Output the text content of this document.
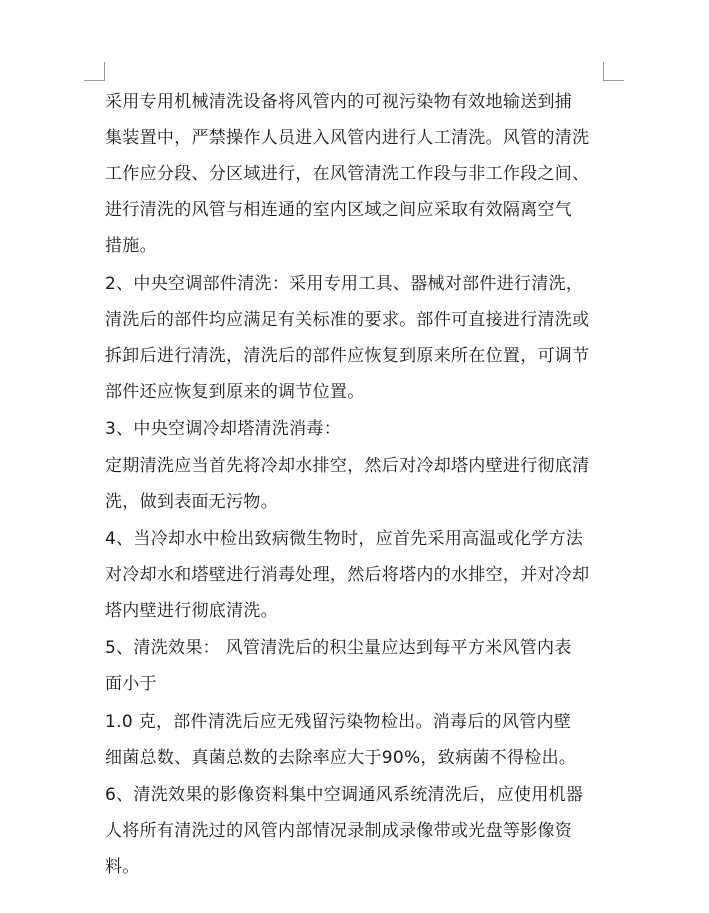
采用专用机械清洗设备将风管内的可视污染物有效地输送到捕
集装置中，严禁操作人员进入风管内进行人工清洗。风管的清洗
工作应分段、分区域进行，在风管清洗工作段与非工作段之间、
进行清洗的风管与相连通的室内区域之间应采取有效隔离空气
措施。
2、中央空调部件清洗：采用专用工具、器械对部件进行清洗，
清洗后的部件均应满足有关标准的要求。部件可直接进行清洗或
拆卸后进行清洗，清洗后的部件应恢复到原来所在位置，可调节
部件还应恢复到原来的调节位置。
3、中央空调冷却塔清洗消毒：
定期清洗应当首先将冷却水排空，然后对冷却塔内壁进行彻底清
洗，做到表面无污物。
4、当冷却水中检出致病微生物时，应首先采用高温或化学方法
对冷却水和塔壁进行消毒处理，然后将塔内的水排空，并对冷却
塔内壁进行彻底清洗。
5、清洗效果： 风管清洗后的积尘量应达到每平方米风管内表
面小于
1.0 克，部件清洗后应无残留污染物检出。消毒后的风管内壁
细菌总数、真菌总数的去除率应大于90%，致病菌不得检出。
6、清洗效果的影像资料集中空调通风系统清洗后，应使用机器
人将所有清洗过的风管内部情况录制成录像带或光盘等影像资
料。
